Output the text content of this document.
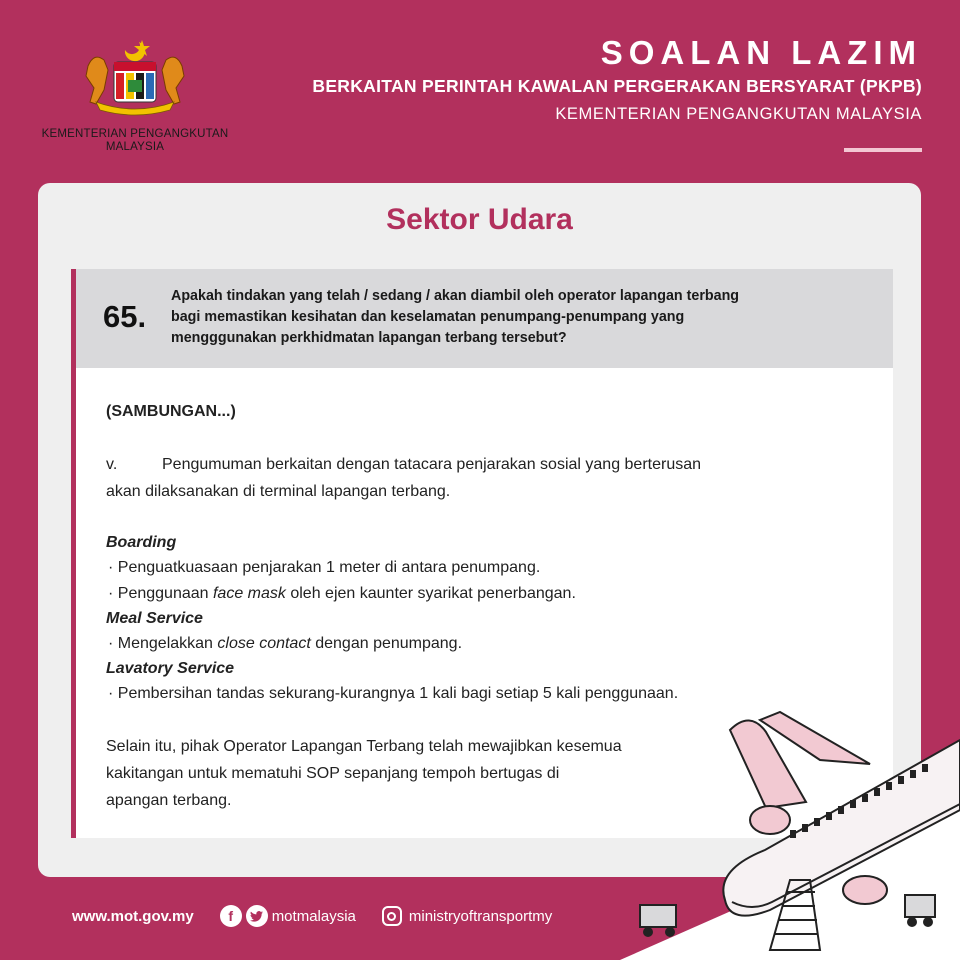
KEMENTERIAN PENGANGKUTAN
MALAYSIA
SOALAN LAZIM
BERKAITAN PERINTAH KAWALAN PERGERAKAN BERSYARAT (PKPB)
KEMENTERIAN PENGANGKUTAN MALAYSIA
Sektor Udara
65.
Apakah tindakan yang telah / sedang / akan diambil oleh operator lapangan terbang
bagi memastikan kesihatan dan keselamatan penumpang-penumpang yang
mengggunakan perkhidmatan lapangan terbang tersebut?
(SAMBUNGAN...)
v.	Pengumuman berkaitan dengan tatacara penjarakan sosial yang berterusan
akan dilaksanakan di terminal lapangan terbang.
Boarding
· Penguatkuasaan penjarakan 1 meter di antara penumpang.
· Penggunaan face mask oleh ejen kaunter syarikat penerbangan.
Meal Service
· Mengelakkan close contact dengan penumpang.
Lavatory Service
· Pembersihan tandas sekurang-kurangnya 1 kali bagi setiap 5 kali penggunaan.
Selain itu, pihak Operator Lapangan Terbang telah mewajibkan kesemua
kakitangan untuk mematuhi SOP sepanjang tempoh bertugas di
apangan terbang.
www.mot.gov.my	f	motmalaysia	ministryoftransportmy
